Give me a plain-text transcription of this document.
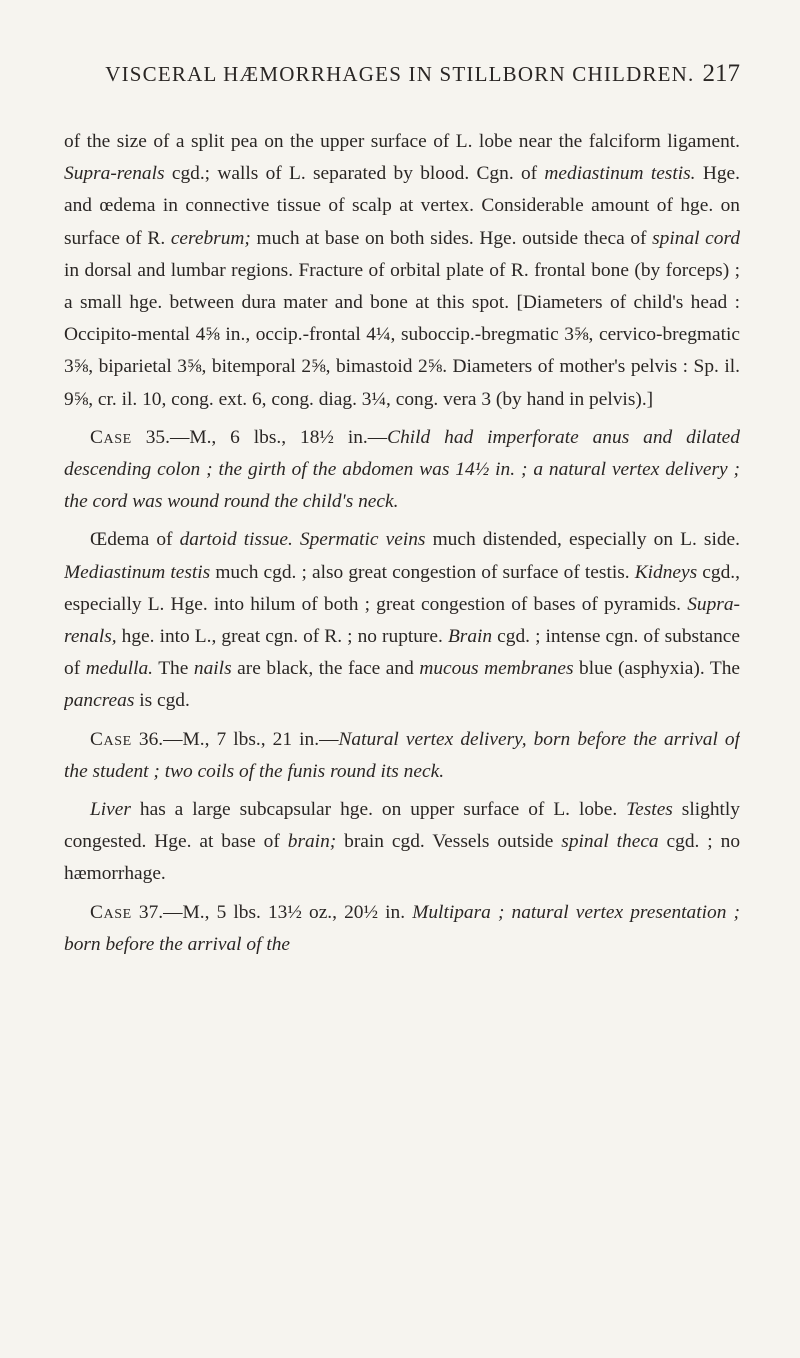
VISCERAL HÆMORRHAGES IN STILLBORN CHILDREN. 217

of the size of a split pea on the upper surface of L. lobe near the falciform ligament. Supra-renals cgd.; walls of L. separated by blood. Cgn. of mediastinum testis. Hge. and œdema in connective tissue of scalp at vertex. Considerable amount of hge. on surface of R. cerebrum; much at base on both sides. Hge. outside theca of spinal cord in dorsal and lumbar regions. Fracture of orbital plate of R. frontal bone (by forceps) ; a small hge. between dura mater and bone at this spot. [Diameters of child's head : Occipito-mental 4⅝ in., occip.-frontal 4¼, suboccip.-bregmatic 3⅝, cervico-bregmatic 3⅝, biparietal 3⅝, bitemporal 2⅝, bimastoid 2⅝. Diameters of mother's pelvis : Sp. il. 9⅝, cr. il. 10, cong. ext. 6, cong. diag. 3¼, cong. vera 3 (by hand in pelvis).]

Case 35.—M., 6 lbs., 18½ in.—Child had imperforate anus and dilated descending colon ; the girth of the abdomen was 14½ in. ; a natural vertex delivery ; the cord was wound round the child's neck.

Œdema of dartoid tissue. Spermatic veins much distended, especially on L. side. Mediastinum testis much cgd. ; also great congestion of surface of testis. Kidneys cgd., especially L. Hge. into hilum of both ; great congestion of bases of pyramids. Supra-renals, hge. into L., great cgn. of R. ; no rupture. Brain cgd. ; intense cgn. of substance of medulla. The nails are black, the face and mucous membranes blue (asphyxia). The pancreas is cgd.

Case 36.—M., 7 lbs., 21 in.—Natural vertex delivery, born before the arrival of the student ; two coils of the funis round its neck.

Liver has a large subcapsular hge. on upper surface of L. lobe. Testes slightly congested. Hge. at base of brain; brain cgd. Vessels outside spinal theca cgd. ; no hæmorrhage.

Case 37.—M., 5 lbs. 13½ oz., 20½ in. Multipara ; natural vertex presentation ; born before the arrival of the
